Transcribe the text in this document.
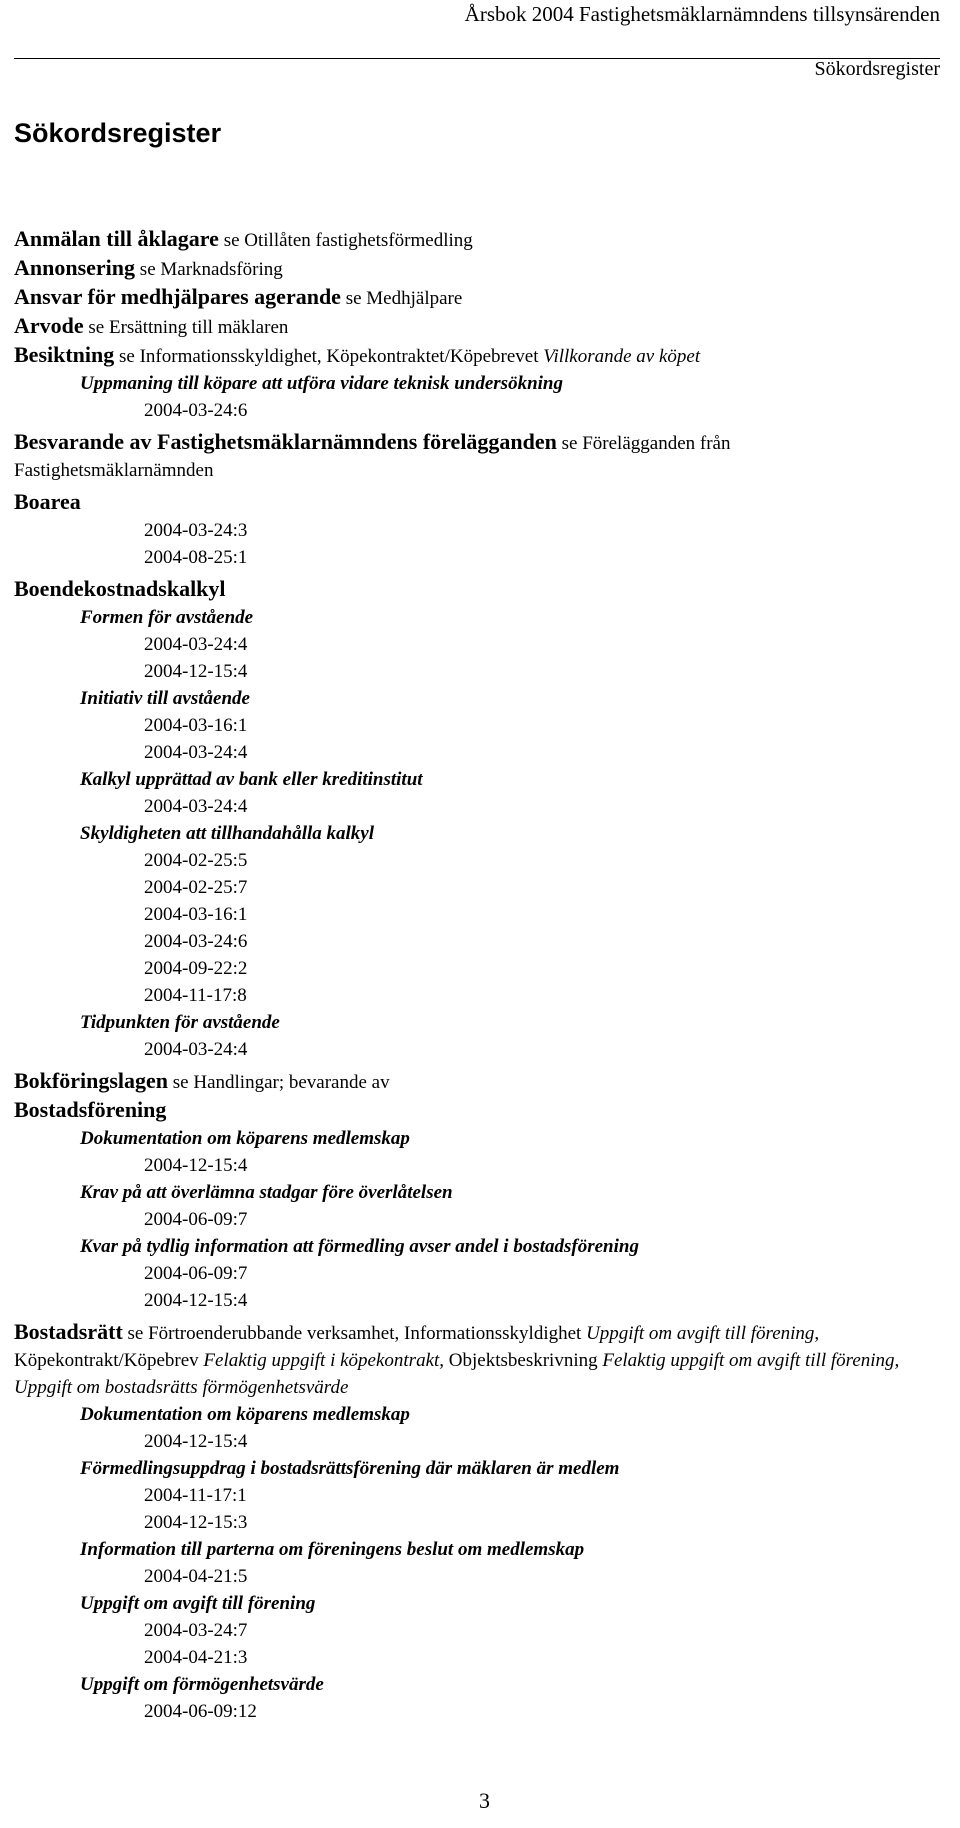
Årsbok 2004 Fastighetsmäklarnämndens tillsynsärenden
Sökordsregister
Sökordsregister
Anmälan till åklagare se Otillåten fastighetsförmedling
Annonsering se Marknadsföring
Ansvar för medhjälpares agerande se Medhjälpare
Arvode se Ersättning till mäklaren
Besiktning se Informationsskyldighet, Köpekontraktet/Köpebrevet Villkorande av köpet
Uppmaning till köpare att utföra vidare teknisk undersökning
2004-03-24:6
Besvarande av Fastighetsmäklarnämndens förelägganden se Förelägganden från
Fastighetsmäklarnämnden
Boarea
2004-03-24:3
2004-08-25:1
Boendekostnadskalkyl
Formen för avstående
2004-03-24:4
2004-12-15:4
Initiativ till avstående
2004-03-16:1
2004-03-24:4
Kalkyl upprättad av bank eller kreditinstitut
2004-03-24:4
Skyldigheten att tillhandahålla kalkyl
2004-02-25:5
2004-02-25:7
2004-03-16:1
2004-03-24:6
2004-09-22:2
2004-11-17:8
Tidpunkten för avstående
2004-03-24:4
Bokföringslagen se Handlingar; bevarande av
Bostadsförening
Dokumentation om köparens medlemskap
2004-12-15:4
Krav på att överlämna stadgar före överlåtelsen
2004-06-09:7
Kvar på tydlig information att förmedling avser andel i bostadsförening
2004-06-09:7
2004-12-15:4
Bostadsrätt se Förtroenderubbande verksamhet, Informationsskyldighet Uppgift om avgift till förening, Köpekontrakt/Köpebrev Felaktig uppgift i köpekontrakt, Objektsbeskrivning Felaktig uppgift om avgift till förening, Uppgift om bostadsrätts förmögenhetsvärde
Dokumentation om köparens medlemskap
2004-12-15:4
Förmedlingsuppdrag i bostadsrättsförening där mäklaren är medlem
2004-11-17:1
2004-12-15:3
Information till parterna om föreningens beslut om medlemskap
2004-04-21:5
Uppgift om avgift till förening
2004-03-24:7
2004-04-21:3
Uppgift om förmögenhetsvärde
2004-06-09:12
3
